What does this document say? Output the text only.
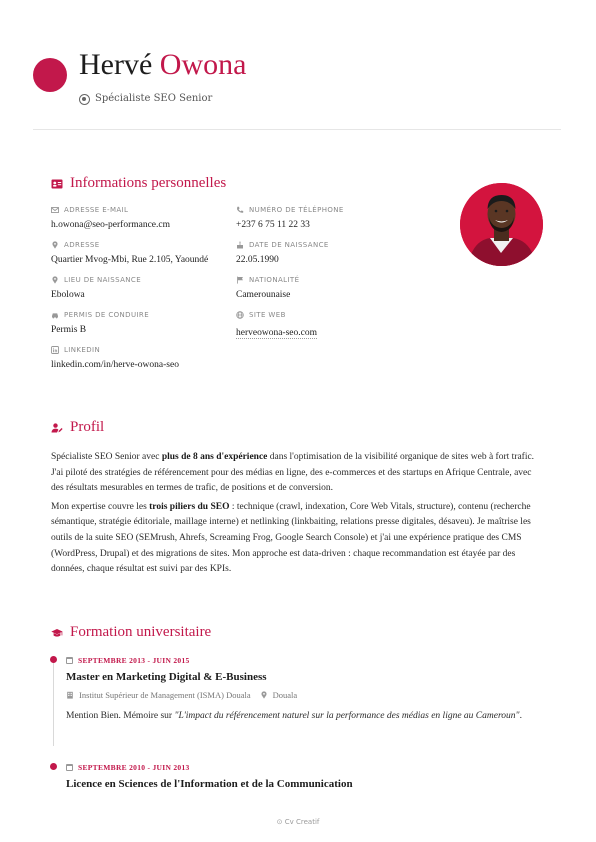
Hervé Owona
Spécialiste SEO Senior
Informations personnelles
ADRESSE E-MAIL
h.owona@seo-performance.cm
NUMÉRO DE TÉLÉPHONE
+237 6 75 11 22 33
ADRESSE
Quartier Mvog-Mbi, Rue 2.105, Yaoundé
DATE DE NAISSANCE
22.05.1990
LIEU DE NAISSANCE
Ebolowa
NATIONALITÉ
Camerounaise
PERMIS DE CONDUIRE
Permis B
SITE WEB
herveowona-seo.com
LINKEDIN
linkedin.com/in/herve-owona-seo
Profil

Spécialiste SEO Senior avec plus de 8 ans d'expérience dans l'optimisation de la visibilité organique de sites web à fort trafic. J'ai piloté des stratégies de référencement pour des médias en ligne, des e-commerces et des startups en Afrique Centrale, avec des résultats mesurables en termes de trafic, de positions et de conversion.

Mon expertise couvre les trois piliers du SEO : technique (crawl, indexation, Core Web Vitals, structure), contenu (recherche sémantique, stratégie éditoriale, maillage interne) et netlinking (linkbaiting, relations presse digitales, désaveu). Je maîtrise les outils de la suite SEO (SEMrush, Ahrefs, Screaming Frog, Google Search Console) et j'ai une expérience pratique des CMS (WordPress, Drupal) et des migrations de sites. Mon approche est data-driven : chaque recommandation est étayée par des données, chaque résultat est suivi par des KPIs.

Formation universitaire
SEPTEMBRE 2013 - JUIN 2015
Master en Marketing Digital & E-Business
Institut Supérieur de Management (ISMA) Douala	Douala
Mention Bien. Mémoire sur "L'impact du référencement naturel sur la performance des médias en ligne au Cameroun".
SEPTEMBRE 2010 - JUIN 2013
Licence en Sciences de l'Information et de la Communication
⊙ Cv Creatif
